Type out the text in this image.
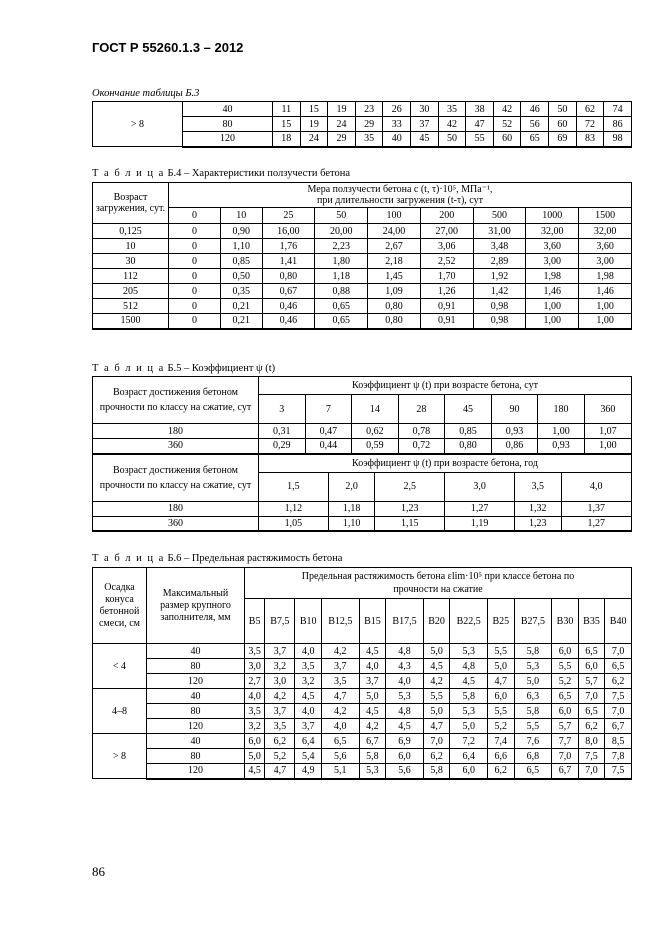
ГОСТ Р 55260.1.3 – 2012
Окончание таблицы Б.3
> 8	40	11	15	19	23	26	30	35	38	42	46	50	62	74
	80	15	19	24	29	33	37	42	47	52	56	60	72	86
	120	18	24	29	35	40	45	50	55	60	65	69	83	98
Т а б л и ц а Б.4 – Характеристики ползучести бетона
Возраст загружения, сут.	Мера ползучести бетона c (t, τ)·10⁵, МПа⁻¹,
при длительности загружения (t-τ), сут								

	0	10	25	50	100	200	500	1000	1500
0,125	0	0,90	16,00	20,00	24,00	27,00	31,00	32,00	32,00
10	0	1,10	1,76	2,23	2,67	3,06	3,48	3,60	3,60
30	0	0,85	1,41	1,80	2,18	2,52	2,89	3,00	3,00
112	0	0,50	0,80	1,18	1,45	1,70	1,92	1,98	1,98
205	0	0,35	0,67	0,88	1,09	1,26	1,42	1,46	1,46
512	0	0,21	0,46	0,65	0,80	0,91	0,98	1,00	1,00
1500	0	0,21	0,46	0,65	0,80	0,91	0,98	1,00	1,00
Т а б л и ц а Б.5 – Коэффициент ψ (t)
Возраст достижения бетоном прочности по классу на сжатие, сут	Коэффициент ψ (t) при возрасте бетона, сут											
	3	7		14		28	45	90		180		360
180	0,31	0,47		0,62		0,78	0,85	0,93		1,00		1,07
360	0,29	0,44		0,59		0,72	0,80	0,86		0,93		1,00
Возраст достижения бетоном прочности по классу на сжатие, сут	Коэффициент ψ (t) при возрасте бетона, год											
	1,5		2,0		2,5		3,0		3,5		4,0	
180	1,12		1,18		1,23		1,27		1,32		1,37	
360	1,05		1,10		1,15		1,19		1,23		1,27	
Т а б л и ц а Б.6 – Предельная растяжимость бетона
Осадка конуса бетонной смеси, см	Максимальный размер крупного заполнителя, мм	Предельная растяжимость бетона εlim·10⁵ при классе бетона по
прочности на сжатие												

		B5	B7,5	B10	B12,5	B15	B17,5	B20	B22,5	B25	B27,5	B30	B35	B40
< 4	40	3,5	3,7	4,0	4,2	4,5	4,8	5,0	5,3	5,5	5,8	6,0	6,5	7,0
	80	3,0	3,2	3,5	3,7	4,0	4,3	4,5	4,8	5,0	5,3	5,5	6,0	6,5
	120	2,7	3,0	3,2	3,5	3,7	4,0	4,2	4,5	4,7	5,0	5,2	5,7	6,2
4–8	40	4,0	4,2	4,5	4,7	5,0	5,3	5,5	5,8	6,0	6,3	6,5	7,0	7,5
	80	3,5	3,7	4,0	4,2	4,5	4,8	5,0	5,3	5,5	5,8	6,0	6,5	7,0
	120	3,2	3,5	3,7	4,0	4,2	4,5	4,7	5,0	5,2	5,5	5,7	6,2	6,7
> 8	40	6,0	6,2	6,4	6,5	6,7	6,9	7,0	7,2	7,4	7,6	7,7	8,0	8,5
	80	5,0	5,2	5,4	5,6	5,8	6,0	6,2	6,4	6,6	6,8	7,0	7,5	7,8
	120	4,5	4,7	4,9	5,1	5,3	5,6	5,8	6,0	6,2	6,5	6,7	7,0	7,5
86
